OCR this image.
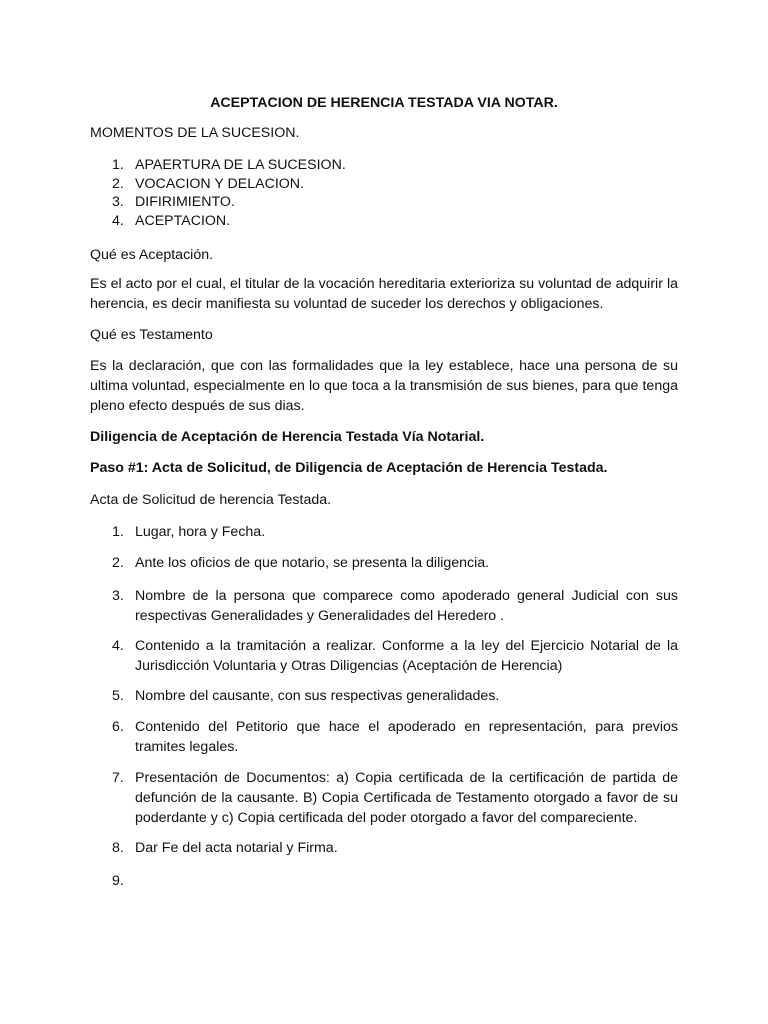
ACEPTACION DE HERENCIA TESTADA VIA NOTAR.
MOMENTOS DE LA SUCESION.
1. APAERTURA DE LA SUCESION.
2. VOCACION Y DELACION.
3. DIFIRIMIENTO.
4. ACEPTACION.
Qué es Aceptación.
Es el acto por el cual, el titular de la vocación hereditaria exterioriza su voluntad de adquirir la herencia, es decir manifiesta su voluntad de suceder los derechos y obligaciones.
Qué es Testamento
Es la declaración, que con las formalidades que la ley establece, hace una persona de su ultima voluntad, especialmente en lo que toca a la transmisión de sus bienes, para que tenga pleno efecto después de sus dias.
Diligencia de Aceptación de Herencia Testada Vía Notarial.
Paso #1: Acta de Solicitud, de Diligencia de Aceptación de Herencia Testada.
Acta de Solicitud de herencia Testada.
1. Lugar, hora y Fecha.
2. Ante los oficios de que notario, se presenta la diligencia.
3. Nombre de la persona que comparece como apoderado general Judicial con sus respectivas Generalidades y Generalidades del Heredero .
4. Contenido a la tramitación a realizar. Conforme a la ley del Ejercicio Notarial de la Jurisdicción Voluntaria y Otras Diligencias (Aceptación de Herencia)
5. Nombre del causante, con sus respectivas generalidades.
6. Contenido del Petitorio que hace el apoderado en representación, para previos tramites legales.
7. Presentación de Documentos: a) Copia certificada de la certificación de partida de defunción de la causante. B) Copia Certificada de Testamento otorgado a favor de su poderdante y c) Copia certificada del poder otorgado a favor del compareciente.
8. Dar Fe del acta notarial y Firma.
9.
